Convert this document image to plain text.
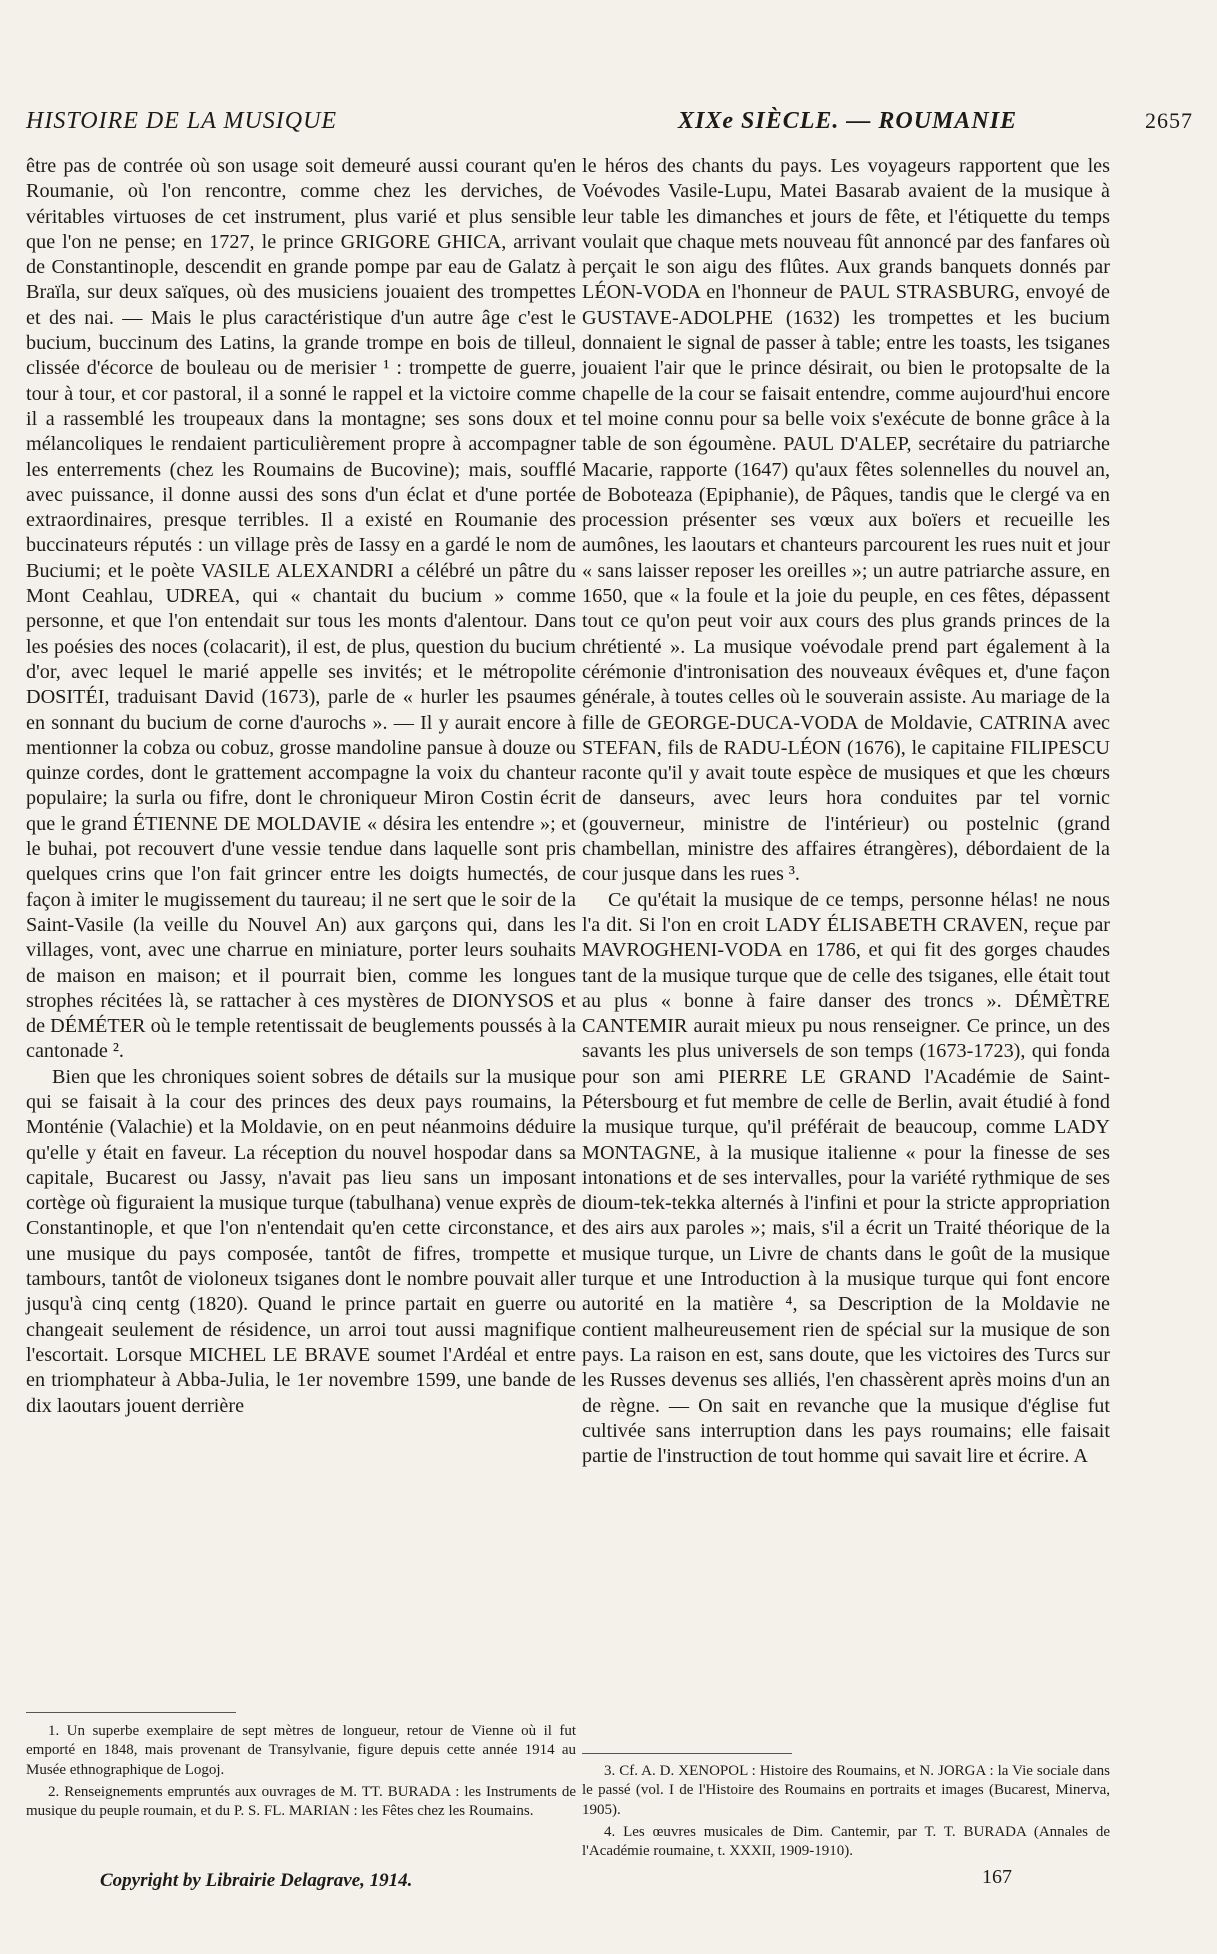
HISTOIRE DE LA MUSIQUE	XIXe SIÈCLE. — ROUMANIE	2657

être pas de contrée où son usage soit demeuré aussi courant qu'en Roumanie, où l'on rencontre, comme chez les derviches, de véritables virtuoses de cet instrument, plus varié et plus sensible que l'on ne pense; en 1727, le prince GRIGORE GHICA, arrivant de Constantinople, descendit en grande pompe par eau de Galatz à Braïla, sur deux saïques, où des musiciens jouaient des trompettes et des nai. — Mais le plus caractéristique d'un autre âge c'est le bucium, buccinum des Latins, la grande trompe en bois de tilleul, clissée d'écorce de bouleau ou de merisier ¹ : trompette de guerre, tour à tour, et cor pastoral, il a sonné le rappel et la victoire comme il a rassemblé les troupeaux dans la montagne; ses sons doux et mélancoliques le rendaient particulièrement propre à accompagner les enterrements (chez les Roumains de Bucovine); mais, soufflé avec puissance, il donne aussi des sons d'un éclat et d'une portée extraordinaires, presque terribles. Il a existé en Roumanie des buccinateurs réputés : un village près de Iassy en a gardé le nom de Buciumi; et le poète VASILE ALEXANDRI a célébré un pâtre du Mont Ceahlau, UDREA, qui « chantait du bucium » comme personne, et que l'on entendait sur tous les monts d'alentour. Dans les poésies des noces (colacarit), il est, de plus, question du bucium d'or, avec lequel le marié appelle ses invités; et le métropolite DOSITÉI, traduisant David (1673), parle de « hurler les psaumes en sonnant du bucium de corne d'aurochs ». — Il y aurait encore à mentionner la cobza ou cobuz, grosse mandoline pansue à douze ou quinze cordes, dont le grattement accompagne la voix du chanteur populaire; la surla ou fifre, dont le chroniqueur Miron Costin écrit que le grand ÉTIENNE DE MOLDAVIE « désira les entendre »; et le buhai, pot recouvert d'une vessie tendue dans laquelle sont pris quelques crins que l'on fait grincer entre les doigts humectés, de façon à imiter le mugissement du taureau; il ne sert que le soir de la Saint-Vasile (la veille du Nouvel An) aux garçons qui, dans les villages, vont, avec une charrue en miniature, porter leurs souhaits de maison en maison; et il pourrait bien, comme les longues strophes récitées là, se rattacher à ces mystères de DIONYSOS et de DÉMÉTER où le temple retentissait de beuglements poussés à la cantonade ².

Bien que les chroniques soient sobres de détails sur la musique qui se faisait à la cour des princes des deux pays roumains, la Monténie (Valachie) et la Moldavie, on en peut néanmoins déduire qu'elle y était en faveur. La réception du nouvel hospodar dans sa capitale, Bucarest ou Jassy, n'avait pas lieu sans un imposant cortège où figuraient la musique turque (tabulhana) venue exprès de Constantinople, et que l'on n'entendait qu'en cette circonstance, et une musique du pays composée, tantôt de fifres, trompette et tambours, tantôt de violoneux tsiganes dont le nombre pouvait aller jusqu'à cinq centg (1820). Quand le prince partait en guerre ou changeait seulement de résidence, un arroi tout aussi magnifique l'escortait. Lorsque MICHEL LE BRAVE soumet l'Ardéal et entre en triomphateur à Abba-Julia, le 1er novembre 1599, une bande de dix laoutars jouent derrière

le héros des chants du pays. Les voyageurs rapportent que les Voévodes Vasile-Lupu, Matei Basarab avaient de la musique à leur table les dimanches et jours de fête, et l'étiquette du temps voulait que chaque mets nouveau fût annoncé par des fanfares où perçait le son aigu des flûtes. Aux grands banquets donnés par LÉON-VODA en l'honneur de PAUL STRASBURG, envoyé de GUSTAVE-ADOLPHE (1632) les trompettes et les bucium donnaient le signal de passer à table; entre les toasts, les tsiganes jouaient l'air que le prince désirait, ou bien le protopsalte de la chapelle de la cour se faisait entendre, comme aujourd'hui encore tel moine connu pour sa belle voix s'exécute de bonne grâce à la table de son égoumène. PAUL D'ALEP, secrétaire du patriarche Macarie, rapporte (1647) qu'aux fêtes solennelles du nouvel an, de Boboteaza (Epiphanie), de Pâques, tandis que le clergé va en procession présenter ses vœux aux boïers et recueille les aumônes, les laoutars et chanteurs parcourent les rues nuit et jour « sans laisser reposer les oreilles »; un autre patriarche assure, en 1650, que « la foule et la joie du peuple, en ces fêtes, dépassent tout ce qu'on peut voir aux cours des plus grands princes de la chrétienté ». La musique voévodale prend part également à la cérémonie d'intronisation des nouveaux évêques et, d'une façon générale, à toutes celles où le souverain assiste. Au mariage de la fille de GEORGE-DUCA-VODA de Moldavie, CATRINA avec STEFAN, fils de RADU-LÉON (1676), le capitaine FILIPESCU raconte qu'il y avait toute espèce de musiques et que les chœurs de danseurs, avec leurs hora conduites par tel vornic (gouverneur, ministre de l'intérieur) ou postelnic (grand chambellan, ministre des affaires étrangères), débordaient de la cour jusque dans les rues ³.

Ce qu'était la musique de ce temps, personne hélas! ne nous l'a dit. Si l'on en croit LADY ÉLISABETH CRAVEN, reçue par MAVROGHENI-VODA en 1786, et qui fit des gorges chaudes tant de la musique turque que de celle des tsiganes, elle était tout au plus « bonne à faire danser des troncs ». DÉMÈTRE CANTEMIR aurait mieux pu nous renseigner. Ce prince, un des savants les plus universels de son temps (1673-1723), qui fonda pour son ami PIERRE LE GRAND l'Académie de Saint-Pétersbourg et fut membre de celle de Berlin, avait étudié à fond la musique turque, qu'il préférait de beaucoup, comme LADY MONTAGNE, à la musique italienne « pour la finesse de ses intonations et de ses intervalles, pour la variété rythmique de ses dioum-tek-tekka alternés à l'infini et pour la stricte appropriation des airs aux paroles »; mais, s'il a écrit un Traité théorique de la musique turque, un Livre de chants dans le goût de la musique turque et une Introduction à la musique turque qui font encore autorité en la matière ⁴, sa Description de la Moldavie ne contient malheureusement rien de spécial sur la musique de son pays. La raison en est, sans doute, que les victoires des Turcs sur les Russes devenus ses alliés, l'en chassèrent après moins d'un an de règne. — On sait en revanche que la musique d'église fut cultivée sans interruption dans les pays roumains; elle faisait partie de l'instruction de tout homme qui savait lire et écrire. A

1. Un superbe exemplaire de sept mètres de longueur, retour de Vienne où il fut emporté en 1848, mais provenant de Transylvanie, figure depuis cette année 1914 au Musée ethnographique de Logoj.

2. Renseignements empruntés aux ouvrages de M. TT. BURADA : les Instruments de musique du peuple roumain, et du P. S. FL. MARIAN : les Fêtes chez les Roumains.

3. Cf. A. D. XENOPOL : Histoire des Roumains, et N. JORGA : la Vie sociale dans le passé (vol. I de l'Histoire des Roumains en portraits et images (Bucarest, Minerva, 1905).

4. Les œuvres musicales de Dim. Cantemir, par T. T. BURADA (Annales de l'Académie roumaine, t. XXXII, 1909-1910).

Copyright by Librairie Delagrave, 1914.	167
